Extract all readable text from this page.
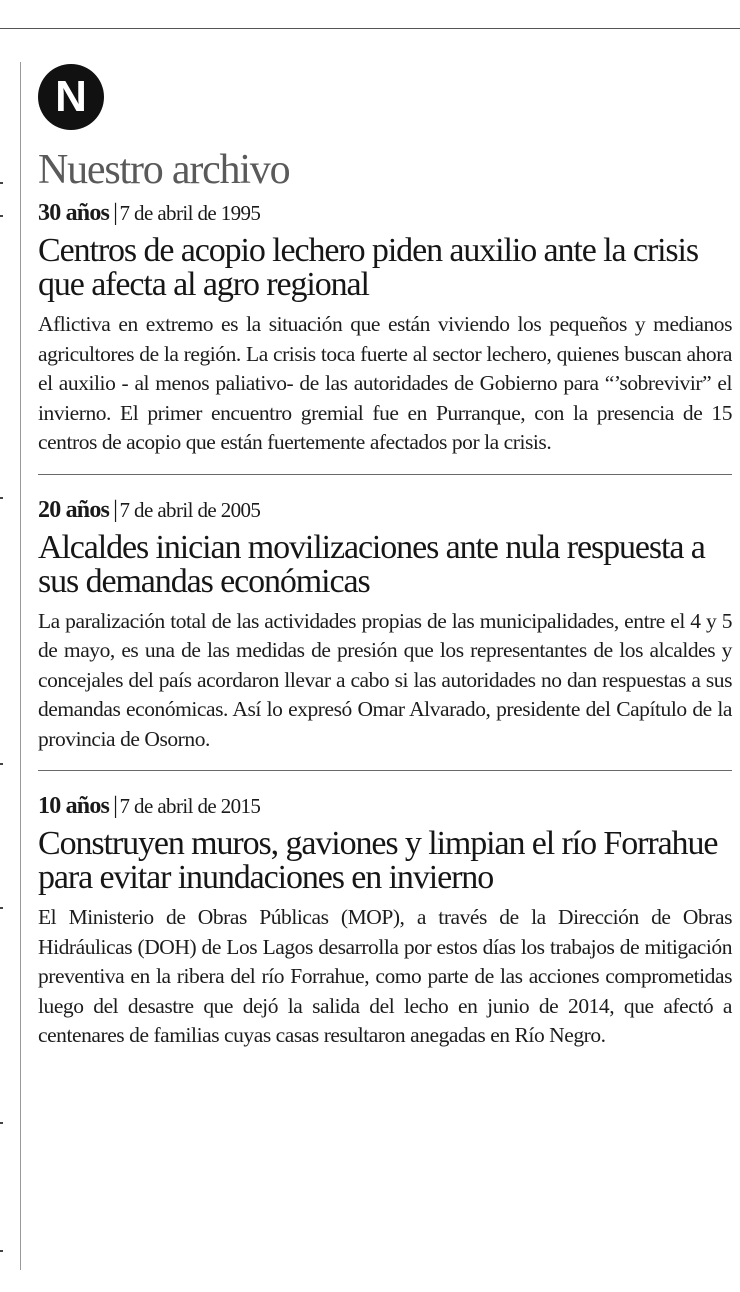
N
Nuestro archivo
30 años |7 de abril de 1995
Centros de acopio lechero piden auxilio ante la crisis que afecta al agro regional

Aflictiva en extremo es la situación que están viviendo los pequeños y medianos agricultores de la región. La crisis toca fuerte al sector lechero, quienes buscan ahora el auxilio - al menos paliativo- de las autoridades de Gobierno para “’sobrevivir” el invierno. El primer encuentro gremial fue en Purranque, con la presencia de 15 centros de acopio que están fuertemente afectados por la crisis.

20 años |7 de abril de 2005
Alcaldes inician movilizaciones ante nula respuesta a sus demandas económicas

La paralización total de las actividades propias de las municipalidades, entre el 4 y 5 de mayo, es una de las medidas de presión que los representantes de los alcaldes y concejales del país acordaron llevar a cabo si las autoridades no dan respuestas a sus demandas económicas. Así lo expresó Omar Alvarado, presidente del Capítulo de la provincia de Osorno.

10 años |7 de abril de 2015
Construyen muros, gaviones y limpian el río Forrahue para evitar inundaciones en invierno

El Ministerio de Obras Públicas (MOP), a través de la Dirección de Obras Hidráulicas (DOH) de Los Lagos desarrolla por estos días los trabajos de mitigación preventiva en la ribera del río Forrahue, como parte de las acciones comprometidas luego del desastre que dejó la salida del lecho en junio de 2014, que afectó a centenares de familias cuyas casas resultaron anegadas en Río Negro.
